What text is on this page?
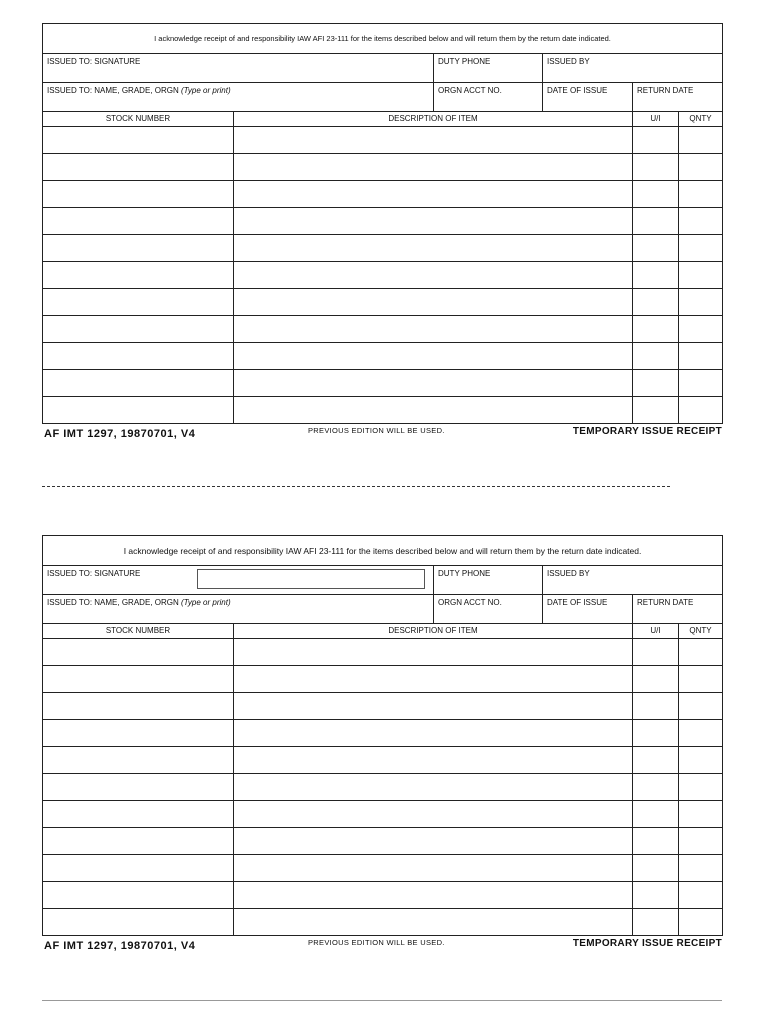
I acknowledge receipt of and responsibility IAW AFI 23-111 for the items described below and will return them by the return date indicated.					
ISSUED TO: SIGNATURE		DUTY PHONE	ISSUED BY		
ISSUED TO: NAME, GRADE, ORGN (Type or print)		ORGN ACCT NO.	DATE OF ISSUE	RETURN DATE	
STOCK NUMBER	DESCRIPTION OF ITEM			U/I	QNTY

AF IMT 1297, 19870701, V4	PREVIOUS EDITION WILL BE USED.	TEMPORARY ISSUE RECEIPT
I acknowledge receipt of and responsibility IAW AFI 23-111 for the items described below and will return them by the return date indicated.					
ISSUED TO: SIGNATURE		DUTY PHONE	ISSUED BY		
ISSUED TO: NAME, GRADE, ORGN (Type or print)		ORGN ACCT NO.	DATE OF ISSUE	RETURN DATE	
STOCK NUMBER	DESCRIPTION OF ITEM			U/I	QNTY

AF IMT 1297, 19870701, V4	PREVIOUS EDITION WILL BE USED.	TEMPORARY ISSUE RECEIPT
